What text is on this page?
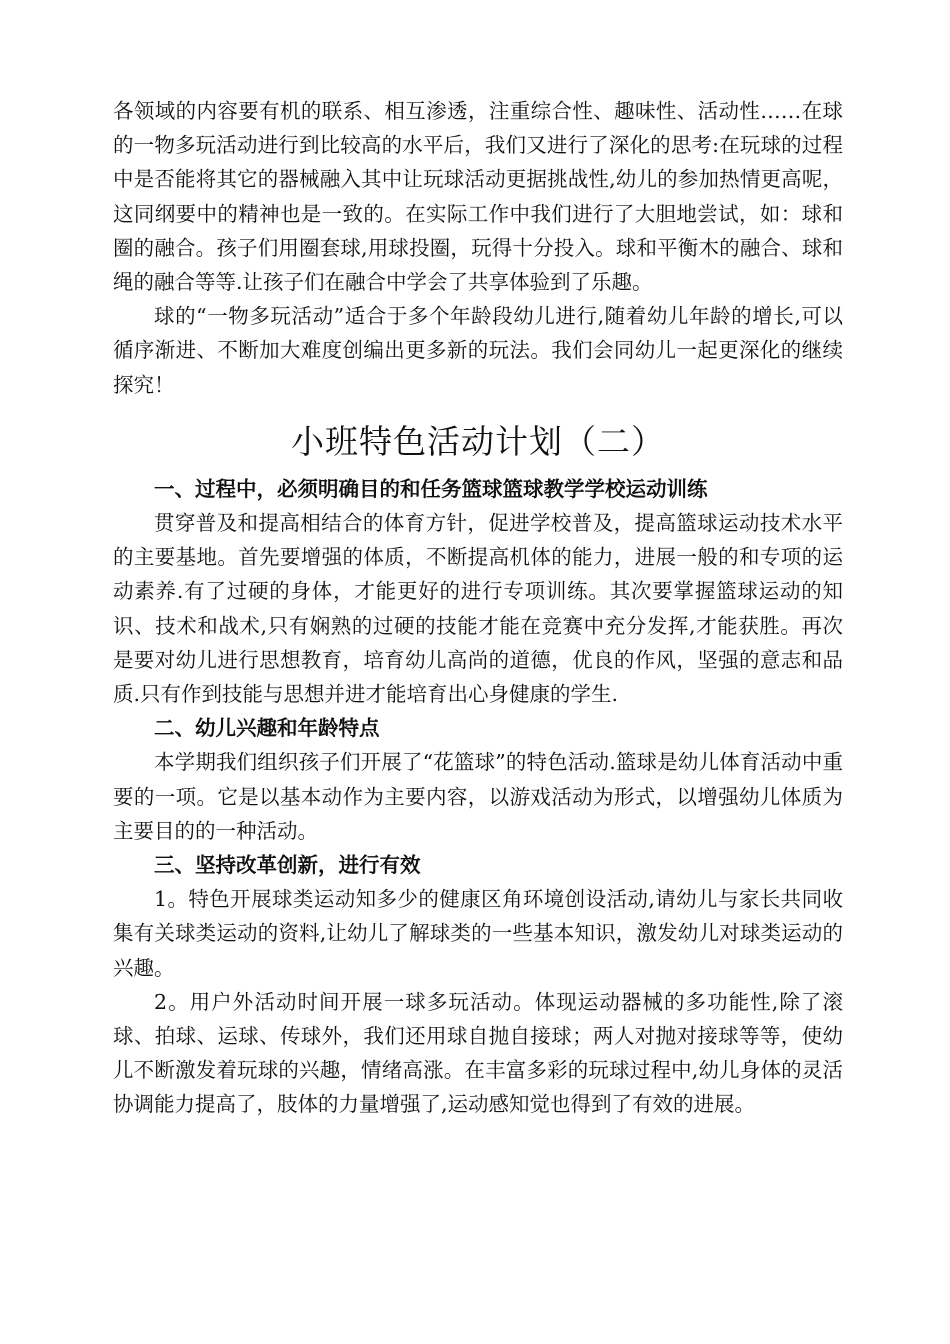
各领域的内容要有机的联系、相互渗透，注重综合性、趣味性、活动性……在球的一物多玩活动进行到比较高的水平后，我们又进行了深化的思考:在玩球的过程中是否能将其它的器械融入其中让玩球活动更据挑战性,幼儿的参加热情更高呢，这同纲要中的精神也是一致的。在实际工作中我们进行了大胆地尝试，如：球和圈的融合。孩子们用圈套球,用球投圈，玩得十分投入。球和平衡木的融合、球和绳的融合等等.让孩子们在融合中学会了共享体验到了乐趣。

球的“一物多玩活动”适合于多个年龄段幼儿进行,随着幼儿年龄的增长,可以循序渐进、不断加大难度创编出更多新的玩法。我们会同幼儿一起更深化的继续探究！

小班特色活动计划（二）

一、过程中，必须明确目的和任务篮球篮球教学学校运动训练

贯穿普及和提高相结合的体育方针，促进学校普及，提高篮球运动技术水平的主要基地。首先要增强的体质，不断提高机体的能力，进展一般的和专项的运动素养.有了过硬的身体，才能更好的进行专项训练。其次要掌握篮球运动的知识、技术和战术,只有娴熟的过硬的技能才能在竞赛中充分发挥,才能获胜。再次是要对幼儿进行思想教育，培育幼儿高尚的道德，优良的作风，坚强的意志和品质.只有作到技能与思想并进才能培育出心身健康的学生.

二、幼儿兴趣和年龄特点

本学期我们组织孩子们开展了“花篮球”的特色活动.篮球是幼儿体育活动中重要的一项。它是以基本动作为主要内容，以游戏活动为形式，以增强幼儿体质为主要目的的一种活动。

三、坚持改革创新，进行有效

1。特色开展球类运动知多少的健康区角环境创设活动,请幼儿与家长共同收集有关球类运动的资料,让幼儿了解球类的一些基本知识，激发幼儿对球类运动的兴趣。

2。用户外活动时间开展一球多玩活动。体现运动器械的多功能性,除了滚球、拍球、运球、传球外，我们还用球自抛自接球；两人对抛对接球等等，使幼儿不断激发着玩球的兴趣，情绪高涨。在丰富多彩的玩球过程中,幼儿身体的灵活协调能力提高了，肢体的力量增强了,运动感知觉也得到了有效的进展。
